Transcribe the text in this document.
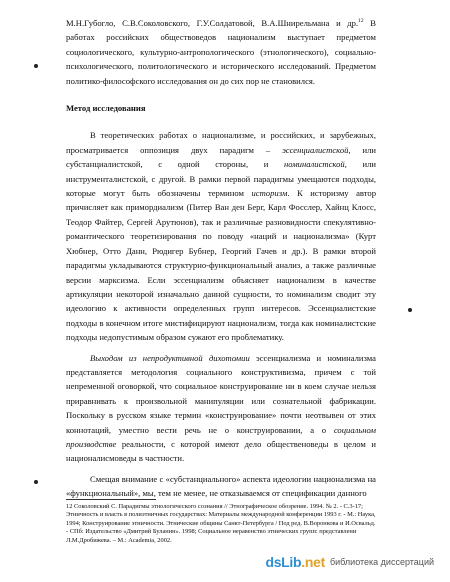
М.Н.Губогло, С.В.Соколовского, Г.У.Солдатовой, В.А.Шнирельмана и др.$^{12}$ В работах российских обществоведов национализм выступает предметом социологического, культурно-антропологического (этнологического), социально-психологического, политологического и исторического исследований. Предметом политико-философского исследования он до сих пор не становился.

Метод исследования

В теоретических работах о национализме, и российских, и зарубежных, просматривается оппозиция двух парадигм – эссенциалистской, или субстанциалистской, с одной стороны, и номиналистской, или инструменталистской, с другой. В рамки первой парадигмы умещаются подходы, которые могут быть обозначены термином историзм. К историзму автор причисляет как примордиализм (Питер Ван ден Берг, Карл Фосслер, Хайнц Клосс, Теодор Файтер, Сергей Арутюнов), так и различные разновидности спекулятивно-романтического теоретизирования по поводу «наций и национализма» (Курт Хюбнер, Отто Данн, Рюдигер Бубнер, Георгий Гачев и др.). В рамки второй парадигмы укладываются структурно-функциональный анализ, а также различные версии марксизма. Если эссенциализм объясняет национализм в качестве артикуляции некоторой изначально данной сущности, то номинализм сводит эту идеологию к активности определенных групп интересов. Эссенциалистские подходы в конечном итоге мистифицируют национализм, тогда как номиналистские подходы недопустимым образом сужают его проблематику.

Выходом из непродуктивной дихотомии эссенциализма и номинализма представляется методология социального конструктивизма, причем с той непременной оговоркой, что социальное конструирование ни в коем случае нельзя приравнивать к произвольной манипуляции или сознательной фабрикации. Поскольку в русском языке термин «конструирование» почти неотвывен от этих коннотаций, уместно вести речь не о конструировании, а о социальном производстве реальности, с которой имеют дело общественоведы в целом и националисмоведы в частности.

Смещая внимание с «субстанциального» аспекта идеологии национализма на «функциональный», мы, тем не менее, не отказываемся от спецификации данного

12 Соколовский С. Парадигмы этнологического сознания // Этнографическое обозрение. 1994. № 2. - С.3-17; Этничность и власть в полиэтничных государствах: Материалы международной конференции 1993 г. - М.: Наука, 1994; Конструирование этничности. Этнические общины Санкт-Петербурга / Под ред. В.Воронкова и И.Освальд. - СПб: Издательство «Дмитрий Буланин». 1998; Социальное неравенство этнических групп: представлени

Л.М.Дробижева. – М.: Academia, 2002.

dsLib.net библиотека диссертаций
